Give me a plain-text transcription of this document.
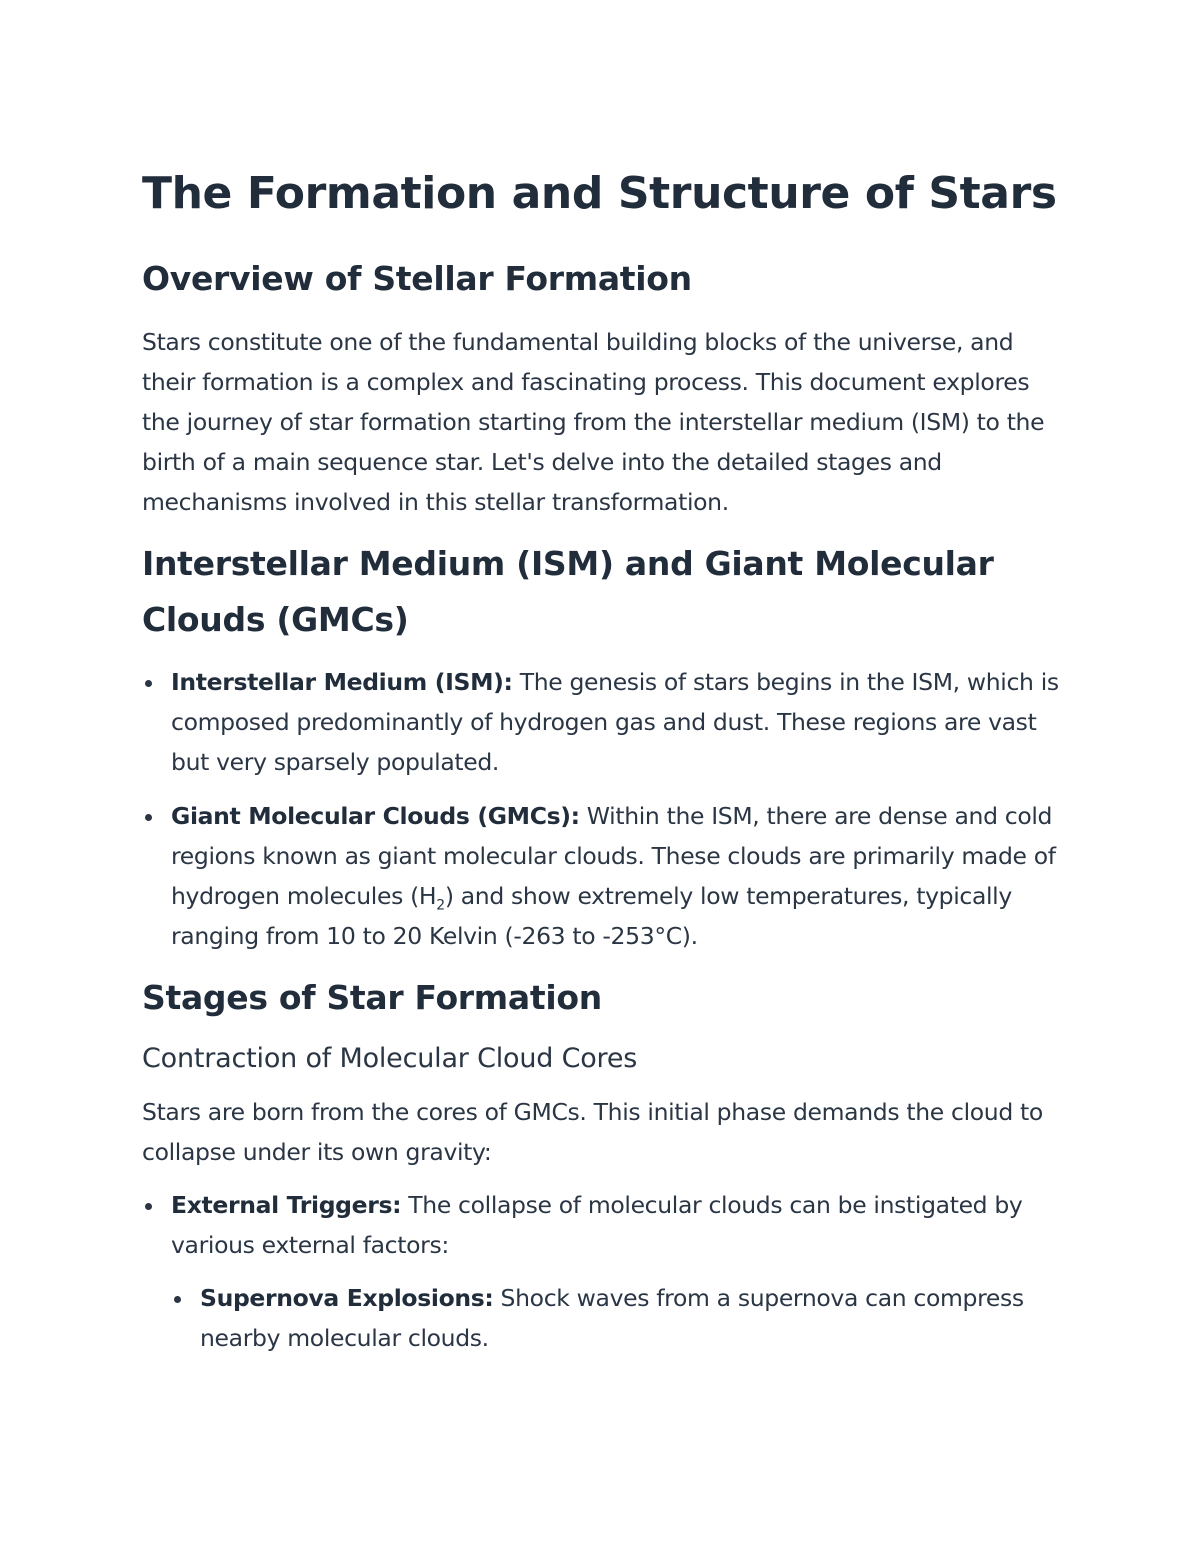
The Formation and Structure of Stars
Overview of Stellar Formation

Stars constitute one of the fundamental building blocks of the universe, and their formation is a complex and fascinating process. This document explores the journey of star formation starting from the interstellar medium (ISM) to the birth of a main sequence star. Let's delve into the detailed stages and mechanisms involved in this stellar transformation.

Interstellar Medium (ISM) and Giant Molecular Clouds (GMCs)
Interstellar Medium (ISM): The genesis of stars begins in the ISM, which is composed predominantly of hydrogen gas and dust. These regions are vast but very sparsely populated.
Giant Molecular Clouds (GMCs): Within the ISM, there are dense and cold regions known as giant molecular clouds. These clouds are primarily made of hydrogen molecules $(H_2)$ and show extremely low temperatures, typically ranging from 10 to 20 Kelvin (-263 to -253°C).
Stages of Star Formation
Contraction of Molecular Cloud Cores

Stars are born from the cores of GMCs. This initial phase demands the cloud to collapse under its own gravity:

External Triggers: The collapse of molecular clouds can be instigated by various external factors:
Supernova Explosions: Shock waves from a supernova can compress nearby molecular clouds.
